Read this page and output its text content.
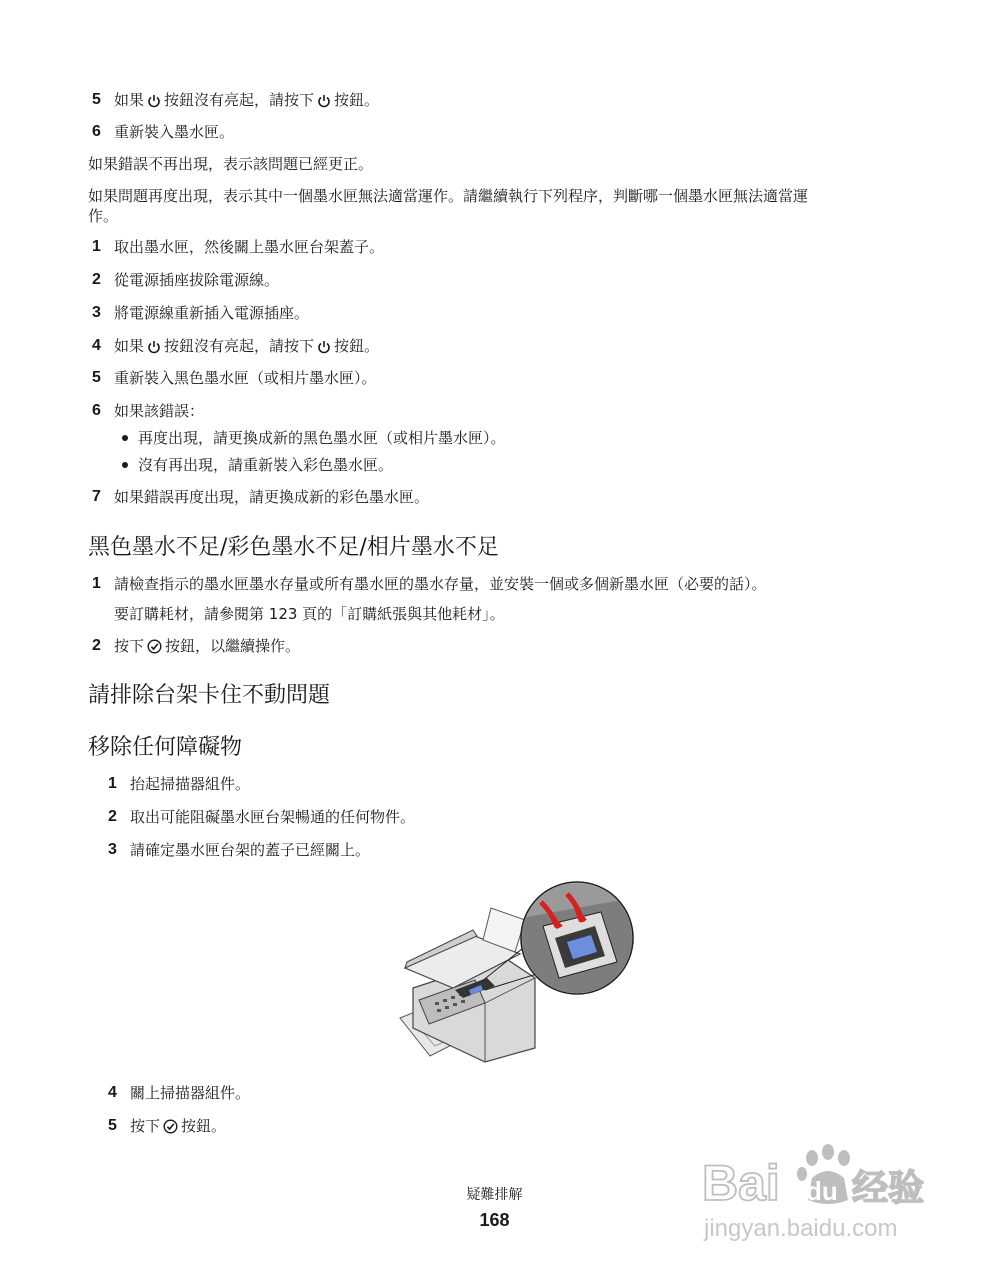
5 如果 按鈕沒有亮起，請按下 按鈕。
6 重新裝入墨水匣。
如果錯誤不再出現，表示該問題已經更正。
如果問題再度出現，表示其中一個墨水匣無法適當運作。請繼續執行下列程序，判斷哪一個墨水匣無法適當運
作。
1 取出墨水匣，然後關上墨水匣台架蓋子。
2 從電源插座拔除電源線。
3 將電源線重新插入電源插座。
4 如果 按鈕沒有亮起，請按下 按鈕。
5 重新裝入黑色墨水匣（或相片墨水匣）。
6 如果該錯誤：
再度出現，請更換成新的黑色墨水匣（或相片墨水匣）。
沒有再出現，請重新裝入彩色墨水匣。
7 如果錯誤再度出現，請更換成新的彩色墨水匣。
黑色墨水不足/彩色墨水不足/相片墨水不足
1 請檢查指示的墨水匣墨水存量或所有墨水匣的墨水存量，並安裝一個或多個新墨水匣（必要的話）。
要訂購耗材，請參閱第 123 頁的「訂購紙張與其他耗材」。
2 按下 按鈕，以繼續操作。
請排除台架卡住不動問題
移除任何障礙物
1 抬起掃描器組件。
2 取出可能阻礙墨水匣台架暢通的任何物件。
3 請確定墨水匣台架的蓋子已經關上。
4 關上掃描器組件。
5 按下 按鈕。
疑難排解
168
Bai du 经验
jingyan.baidu.com
